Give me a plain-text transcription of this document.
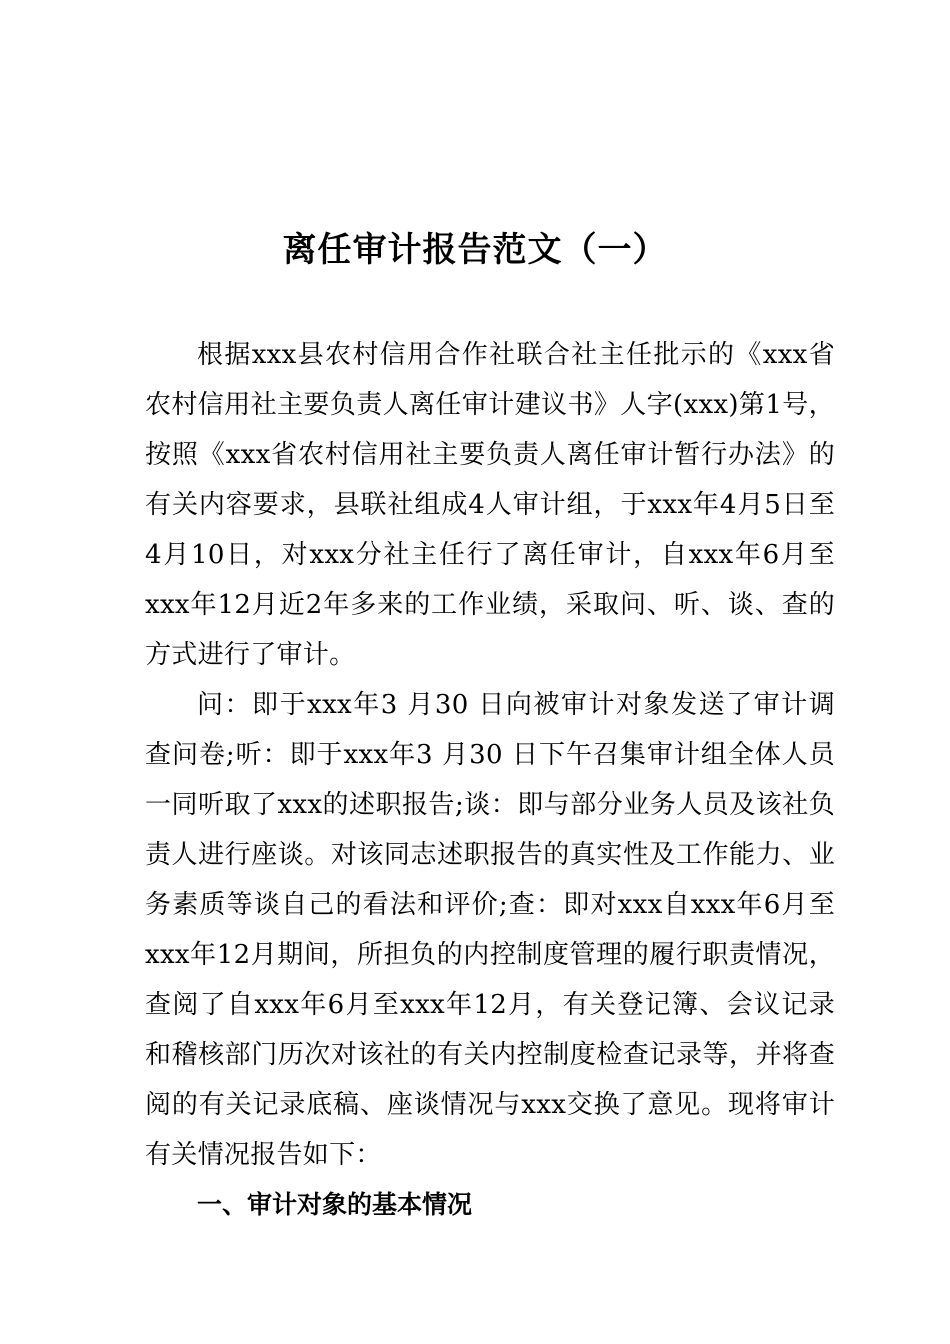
离任审计报告范文（一）

根据xxx县农村信用合作社联合社主任批示的《xxx省农村信用社主要负责人离任审计建议书》人字(xxx)第1号，按照《xxx省农村信用社主要负责人离任审计暂行办法》的有关内容要求，县联社组成4人审计组，于xxx年4月5日至4月10日，对xxx分社主任行了离任审计，自xxx年6月至xxx年12月近2年多来的工作业绩，采取问、听、谈、查的方式进行了审计。

问：即于xxx年3 月30 日向被审计对象发送了审计调查问卷;听：即于xxx年3 月30 日下午召集审计组全体人员一同听取了xxx的述职报告;谈：即与部分业务人员及该社负责人进行座谈。对该同志述职报告的真实性及工作能力、业务素质等谈自己的看法和评价;查：即对xxx自xxx年6月至xxx年12月期间，所担负的内控制度管理的履行职责情况，查阅了自xxx年6月至xxx年12月，有关登记簿、会议记录和稽核部门历次对该社的有关内控制度检查记录等，并将查阅的有关记录底稿、座谈情况与xxx交换了意见。现将审计有关情况报告如下：

一、审计对象的基本情况
